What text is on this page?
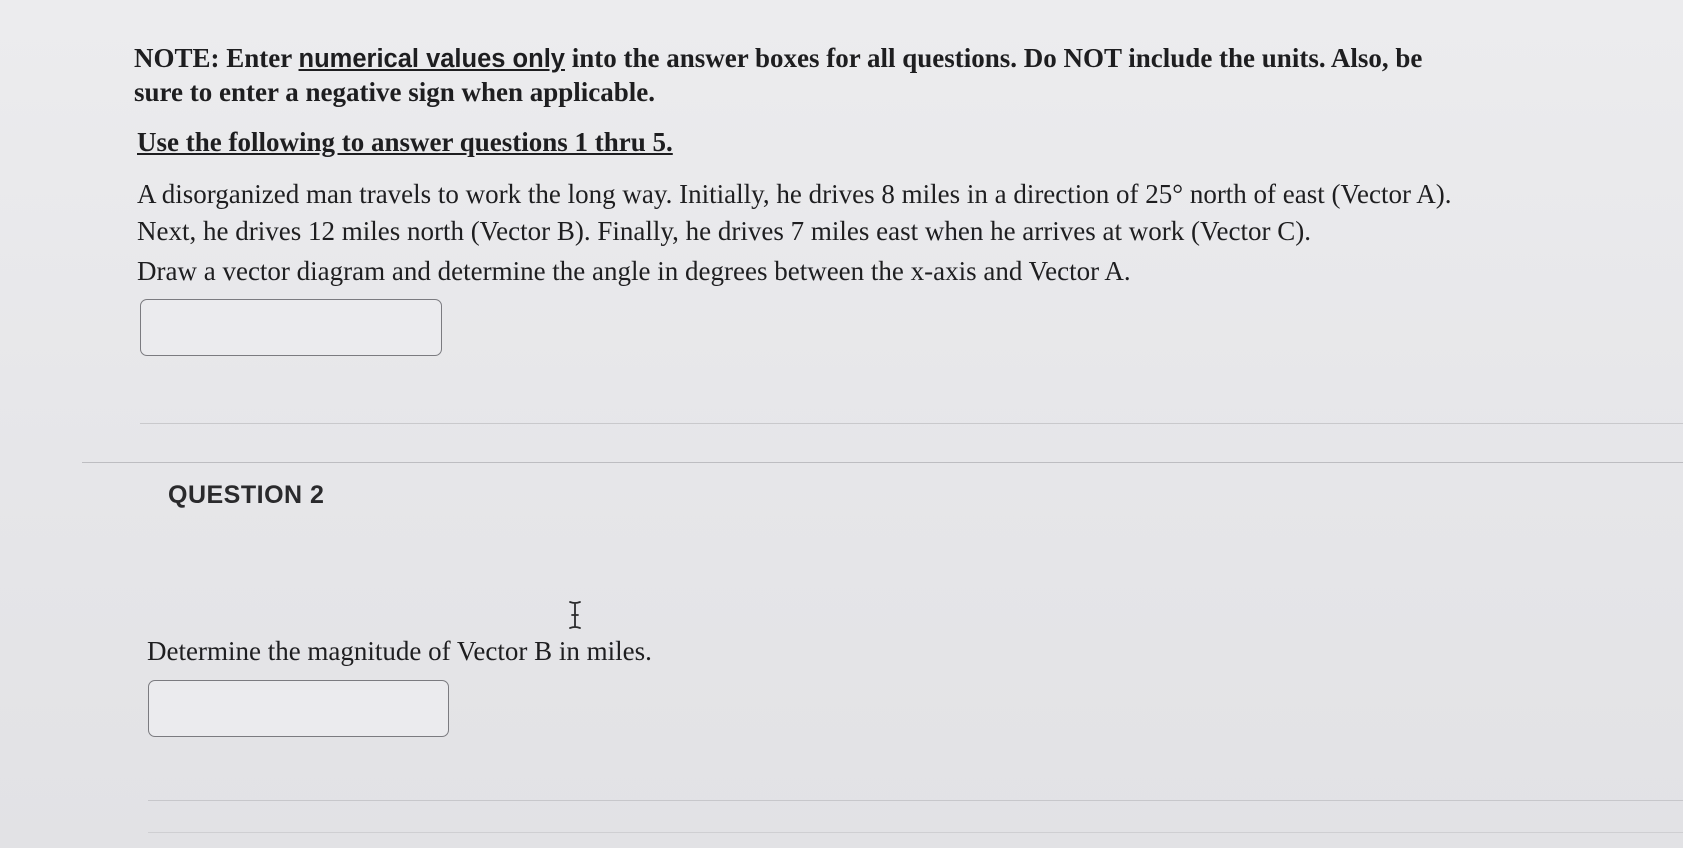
NOTE: Enter numerical values only into the answer boxes for all questions. Do NOT include the units. Also, be
sure to enter a negative sign when applicable.
Use the following to answer questions 1 thru 5.
A disorganized man travels to work the long way. Initially, he drives 8 miles in a direction of 25° north of east (Vector A).
Next, he drives 12 miles north (Vector B). Finally, he drives 7 miles east when he arrives at work (Vector C).
Draw a vector diagram and determine the angle in degrees between the x-axis and Vector A.
QUESTION 2
Determine the magnitude of Vector B in miles.
